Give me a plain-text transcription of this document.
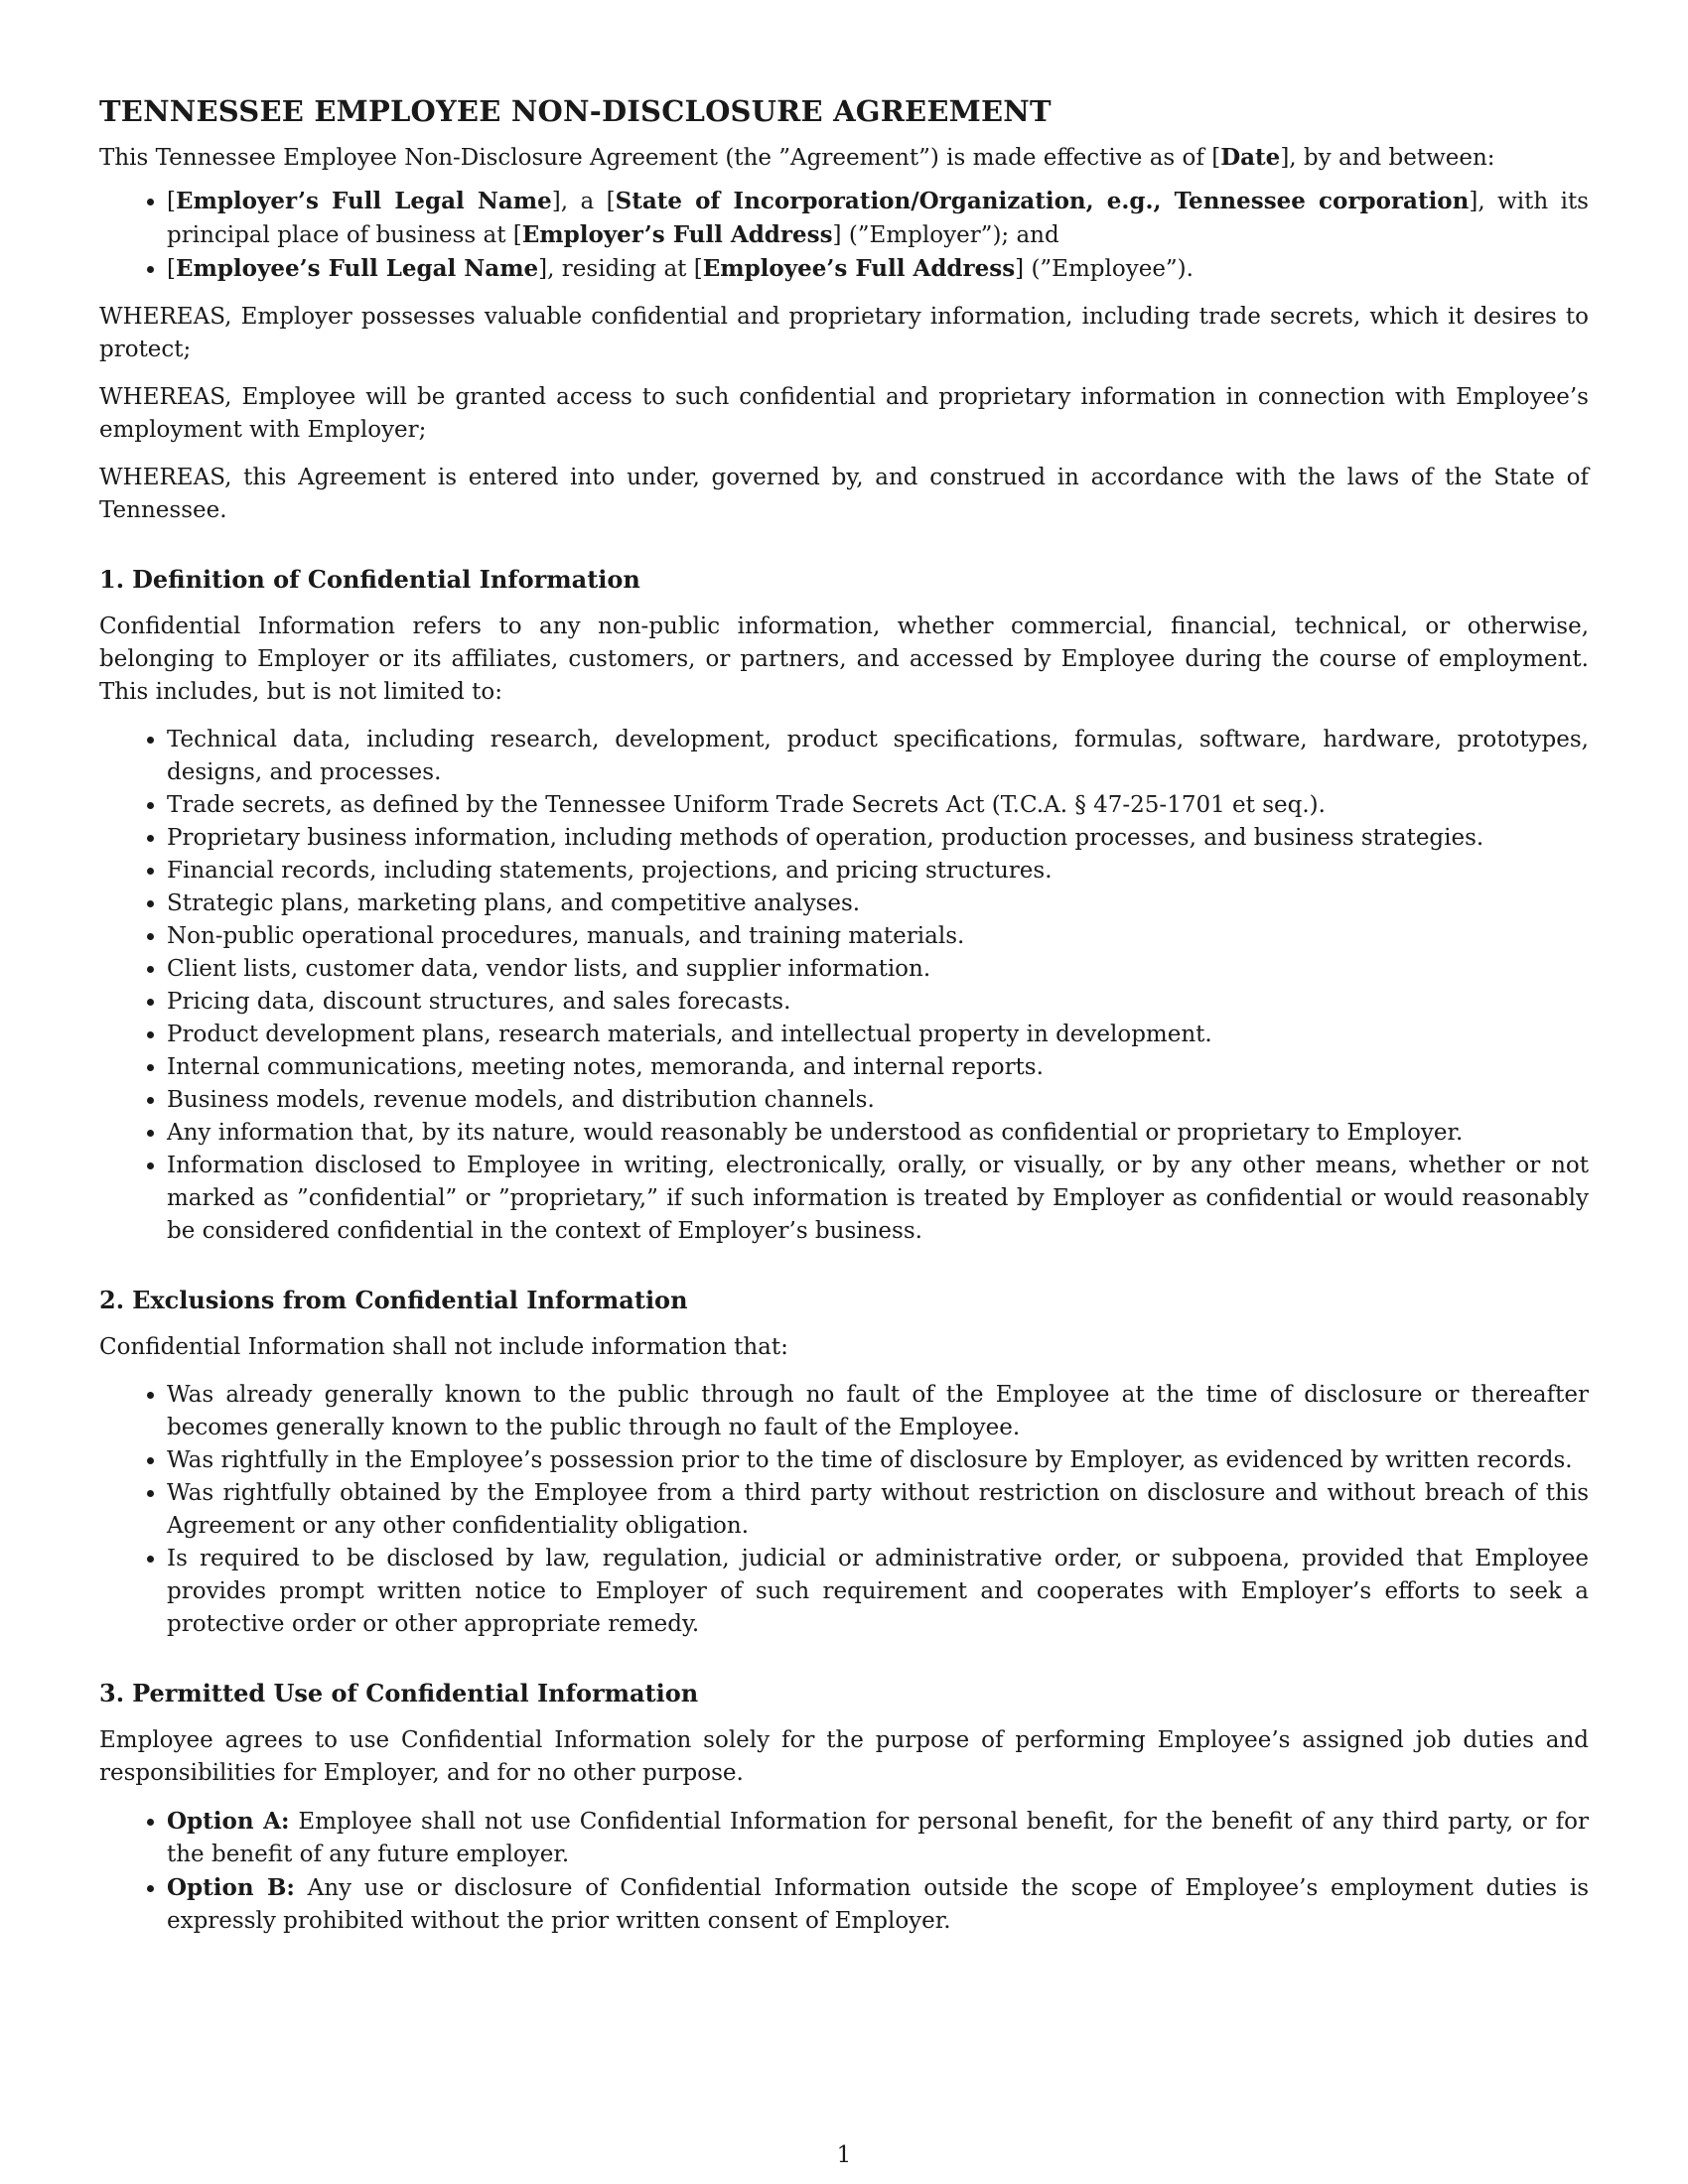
TENNESSEE EMPLOYEE NON-DISCLOSURE AGREEMENT

This Tennessee Employee Non-Disclosure Agreement (the ”Agreement”) is made effective as of [Date], by and between:

• [Employer’s Full Legal Name], a [State of Incorporation/Organization, e.g., Tennessee corporation], with its principal place of business at [Employer’s Full Address] (”Employer”); and
• [Employee’s Full Legal Name], residing at [Employee’s Full Address] (”Employee”).

WHEREAS, Employer possesses valuable confidential and proprietary information, including trade secrets, which it desires to protect;

WHEREAS, Employee will be granted access to such confidential and proprietary information in connection with Employee’s employment with Employer;

WHEREAS, this Agreement is entered into under, governed by, and construed in accordance with the laws of the State of Tennessee.

1. Definition of Confidential Information

Confidential Information refers to any non-public information, whether commercial, financial, technical, or otherwise, belonging to Employer or its affiliates, customers, or partners, and accessed by Employee during the course of employment. This includes, but is not limited to:

• Technical data, including research, development, product specifications, formulas, software, hardware, prototypes, designs, and processes.
• Trade secrets, as defined by the Tennessee Uniform Trade Secrets Act (T.C.A. § 47-25-1701 et seq.).
• Proprietary business information, including methods of operation, production processes, and business strategies.
• Financial records, including statements, projections, and pricing structures.
• Strategic plans, marketing plans, and competitive analyses.
• Non-public operational procedures, manuals, and training materials.
• Client lists, customer data, vendor lists, and supplier information.
• Pricing data, discount structures, and sales forecasts.
• Product development plans, research materials, and intellectual property in development.
• Internal communications, meeting notes, memoranda, and internal reports.
• Business models, revenue models, and distribution channels.
• Any information that, by its nature, would reasonably be understood as confidential or proprietary to Employer.
• Information disclosed to Employee in writing, electronically, orally, or visually, or by any other means, whether or not marked as ”confidential” or ”proprietary,” if such information is treated by Employer as confidential or would reasonably be considered confidential in the context of Employer’s business.
2. Exclusions from Confidential Information

Confidential Information shall not include information that:

• Was already generally known to the public through no fault of the Employee at the time of disclosure or thereafter becomes generally known to the public through no fault of the Employee.
• Was rightfully in the Employee’s possession prior to the time of disclosure by Employer, as evidenced by written records.
• Was rightfully obtained by the Employee from a third party without restriction on disclosure and without breach of this Agreement or any other confidentiality obligation.
• Is required to be disclosed by law, regulation, judicial or administrative order, or subpoena, provided that Employee provides prompt written notice to Employer of such requirement and cooperates with Employer’s efforts to seek a protective order or other appropriate remedy.
3. Permitted Use of Confidential Information

Employee agrees to use Confidential Information solely for the purpose of performing Employee’s assigned job duties and responsibilities for Employer, and for no other purpose.

• Option A: Employee shall not use Confidential Information for personal benefit, for the benefit of any third party, or for the benefit of any future employer.
• Option B: Any use or disclosure of Confidential Information outside the scope of Employee’s employment duties is expressly prohibited without the prior written consent of Employer.
1
